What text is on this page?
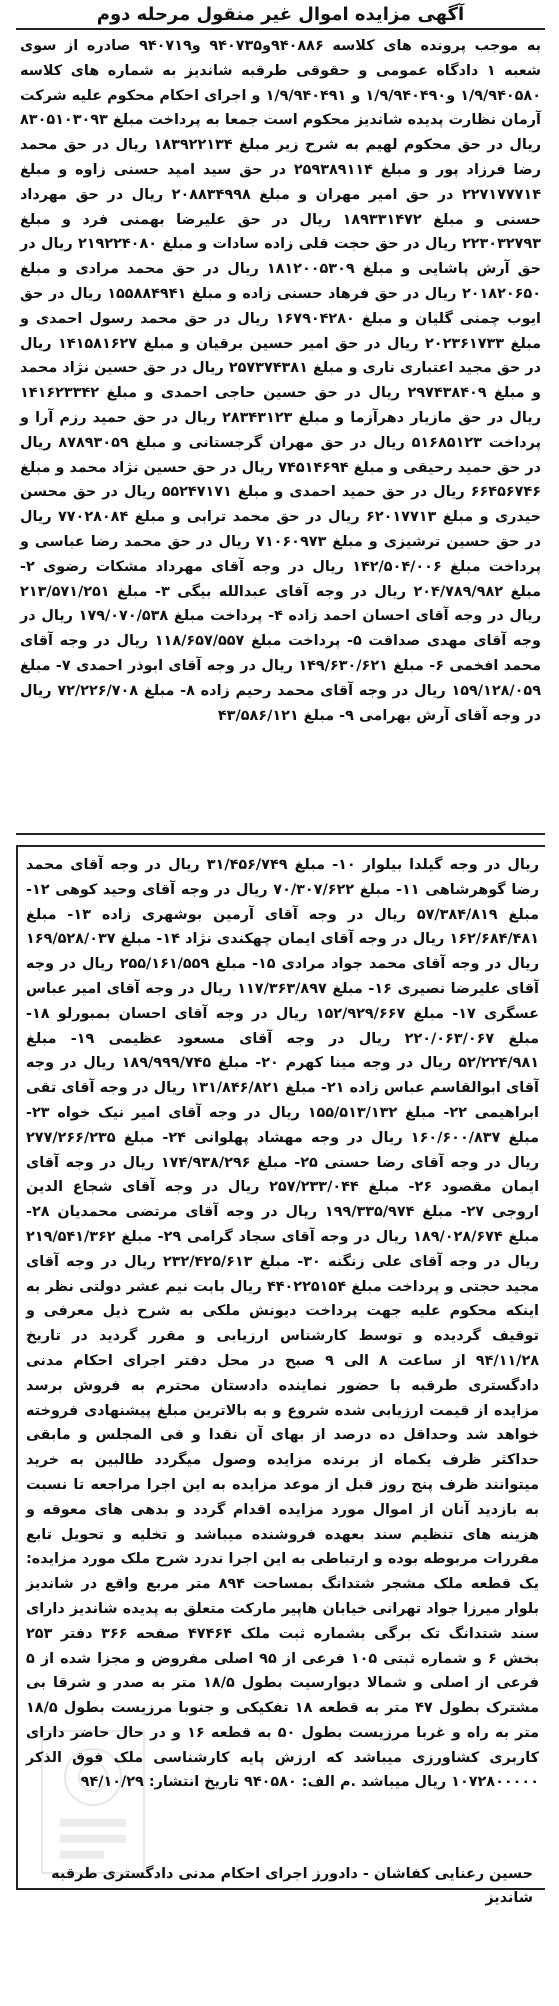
آگهی مزایده اموال غیر منقول مرحله دوم

به موجب پرونده های کلاسه ۹۴۰۸۸۶و۹۴۰۷۳۵ و۹۴۰۷۱۹ صادره از سوی شعبه ۱ دادگاه عمومی و حقوقی طرقبه شاندیز به شماره های کلاسه ۱/۹/۹۴۰۵۸۰ و۱/۹/۹۴۰۴۹۰ و ۱/۹/۹۴۰۴۹۱ و اجرای احکام محکوم علیه شرکت آرمان نظارت پدیده شاندیز محکوم است جمعا به پرداخت مبلغ ۸۳۰۵۱۰۳۰۹۳ ریال در حق محکوم لهیم به شرح زیر مبلغ ۱۸۳۹۲۲۱۳۴ ریال در حق محمد رضا فرزاد پور و مبلغ ۲۵۹۳۸۹۱۱۴ در حق سید امید حسنی زاوه و مبلغ ۲۲۷۱۷۷۷۱۴ در حق امیر مهران و مبلغ ۲۰۸۸۳۴۹۹۸ ریال در حق مهرداد حسنی و مبلغ ۱۸۹۳۳۱۴۷۲ ریال در حق علیرضا بهمنی فرد و مبلغ ۲۲۳۰۳۲۷۹۳ ریال در حق حجت قلی زاده سادات و مبلغ ۲۱۹۲۲۴۰۸۰ ریال در حق آرش پاشایی و مبلغ ۱۸۱۲۰۰۵۳۰۹ ریال در حق محمد مرادی و مبلغ ۲۰۱۸۲۰۶۵۰ ریال در حق فرهاد حسنی زاده و مبلغ ۱۵۵۸۸۴۹۴۱ ریال در حق ایوب چمنی گلیان و مبلغ ۱۶۷۹۰۴۲۸۰ ریال در حق محمد رسول احمدی و مبلغ ۲۰۲۳۶۱۷۳۳ ریال در حق امیر حسین برقیان و مبلغ ۱۴۱۵۸۱۶۲۷ ریال در حق مجید اعتباری ناری و مبلغ ۲۵۷۳۷۴۳۸۱ ریال در حق حسین نژاد محمد و مبلغ ۲۹۷۴۳۸۴۰۹ ریال در حق حسین حاجی احمدی و مبلغ ۱۴۱۶۲۳۳۴۲ ریال در حق مازیار دهرآزما و مبلغ ۲۸۳۴۳۱۲۳ ریال در حق حمید رزم آرا و پرداخت ۵۱۶۸۵۱۲۳ ریال در حق مهران گرجستانی و مبلغ ۸۷۸۹۳۰۵۹ ریال در حق حمید رحیقی و مبلغ ۷۴۵۱۴۶۹۴ ریال در حق حسین نژاد محمد و مبلغ ۶۶۴۵۶۷۴۶ ریال در حق حمید احمدی و مبلغ ۵۵۲۴۷۱۷۱ ریال در حق محسن حیدری و مبلغ ۶۲۰۱۷۷۱۳ ریال در حق محمد ترابی و مبلغ ۷۷۰۲۸۰۸۴ ریال در حق حسین ترشیزی و مبلغ ۷۱۰۶۰۹۷۳ ریال در حق محمد رضا عباسی و پرداخت مبلغ ۱۴۲/۵۰۴/۰۰۶ ریال در وجه آقای مهرداد مشکات رضوی ۲- مبلغ ۲۰۴/۷۸۹/۹۸۲ ریال در وجه آقای عبدالله بیگی ۳- مبلغ ۲۱۳/۵۷۱/۲۵۱ ریال در وجه آقای احسان احمد زاده ۴- پرداخت مبلغ ۱۷۹/۰۷۰/۵۳۸ ریال در وجه آقای مهدی صداقت ۵- پرداخت مبلغ ۱۱۸/۶۵۷/۵۵۷ ریال در وجه آقای محمد افخمی ۶- مبلغ ۱۴۹/۶۳۰/۶۲۱ ریال در وجه آقای ابوذر احمدی ۷- مبلغ ۱۵۹/۱۲۸/۰۵۹ ریال در وجه آقای محمد رحیم زاده ۸- مبلغ ۷۲/۲۲۶/۷۰۸ ریال در وجه آقای آرش بهرامی ۹- مبلغ ۴۳/۵۸۶/۱۲۱

ریال در وجه گیلدا بیلوار ۱۰- مبلغ ۳۱/۴۵۶/۷۴۹ ریال در وجه آقای محمد رضا گوهرشاهی ۱۱- مبلغ ۷۰/۳۰۷/۶۲۲ ریال در وجه آقای وحید کوهی ۱۲- مبلغ ۵۷/۳۸۴/۸۱۹ ریال در وجه آقای آرمین بوشهری زاده ۱۳- مبلغ ۱۶۲/۶۸۴/۴۸۱ ریال در وجه آقای ایمان چهکندی نژاد ۱۴- مبلغ ۱۶۹/۵۲۸/۰۳۷ ریال در وجه آقای محمد جواد مرادی ۱۵- مبلغ ۲۵۵/۱۶۱/۵۵۹ ریال در وجه آقای علیرضا نصیری ۱۶- مبلغ ۱۱۷/۳۶۳/۸۹۷ ریال در وجه آقای امیر عباس عسگری ۱۷- مبلغ ۱۵۲/۹۲۹/۶۶۷ ریال در وجه آقای احسان بمبورلو ۱۸- مبلغ ۲۲۰/۰۶۳/۰۶۷ ریال در وجه آقای مسعود عظیمی ۱۹- مبلغ ۵۲/۲۲۴/۹۸۱ ریال در وجه مینا کهرم ۲۰- مبلغ ۱۸۹/۹۹۹/۷۴۵ ریال در وجه آقای ابوالقاسم عباس زاده ۲۱- مبلغ ۱۳۱/۸۴۶/۸۲۱ ریال در وجه آقای تقی ابراهیمی ۲۲- مبلغ ۱۵۵/۵۱۳/۱۳۲ ریال در وجه آقای امیر نیک خواه ۲۳- مبلغ ۱۶۰/۶۰۰/۸۳۷ ریال در وجه مهشاد پهلوانی ۲۴- مبلغ ۲۷۷/۲۶۶/۲۳۵ ریال در وجه آقای رضا حسنی ۲۵- مبلغ ۱۷۴/۹۳۸/۲۹۶ ریال در وجه آقای ایمان مقصود ۲۶- مبلغ ۲۵۷/۲۳۳/۰۴۴ ریال در وجه آقای شجاع الدین اروجی ۲۷- مبلغ ۱۹۹/۳۳۵/۹۷۴ ریال در وجه آقای مرتضی محمدیان ۲۸- مبلغ ۱۸۹/۰۲۸/۶۷۴ ریال در وجه آقای سجاد گرامی ۲۹- مبلغ ۲۱۹/۵۴۱/۳۶۲ ریال در وجه آقای علی زنگنه ۳۰- مبلغ ۲۳۲/۴۲۵/۶۱۳ ریال در وجه آقای مجید حجتی و پرداخت مبلغ ۴۴۰۲۲۵۱۵۴ ریال بابت نیم عشر دولتی نظر به اینکه محکوم علیه جهت پرداخت دیونش ملکی به شرح ذیل معرفی و توقیف گردیده و توسط کارشناس ارزیابی و مقرر گردید در تاریخ ۹۴/۱۱/۲۸ از ساعت ۸ الی ۹ صبح در محل دفتر اجرای احکام مدنی دادگستری طرقبه با حضور نماینده دادستان محترم به فروش برسد مزایده از قیمت ارزیابی شده شروع و به بالاترین مبلغ پیشنهادی فروخته خواهد شد وحداقل ده درصد از بهای آن نقدا و فی المجلس و مابقی حداکثر ظرف یکماه از برنده مزایده وصول میگردد طالبین به خرید میتوانند ظرف پنج روز قبل از موعد مزایده به این اجرا مراجعه تا نسبت به بازدید آنان از اموال مورد مزایده اقدام گردد و بدهی های معوقه و هزینه های تنظیم سند بعهده فروشنده میباشد و تخلیه و تحویل تابع مقررات مربوطه بوده و ارتباطی به این اجرا ندرد شرح ملک مورد مزایده: یک قطعه ملک مشجر شتدانگ بمساحت ۸۹۴ متر مربع واقع در شاندیز بلوار میرزا جواد تهرانی خیابان هاپیر مارکت متعلق به پدیده شاندیز دارای سند شتدانگ تک برگی بشماره ثبت ملک ۴۷۴۶۴ صفحه ۳۶۶ دفتر ۲۵۳ بخش ۶ و شماره ثبتی ۱۰۵ فرعی از ۹۵ اصلی مفروض و مجزا شده از ۵ فرعی از اصلی و شمالا دیوارسیت بطول ۱۸/۵ متر به صدر و شرقا بی مشترک بطول ۴۷ متر به قطعه ۱۸ تفکیکی و جنوبا مرزیست بطول ۱۸/۵ متر به راه و غربا مرزیست بطول ۵۰ به قطعه ۱۶ و در حال حاضر دارای کاربری کشاورزی میباشد که ارزش پایه کارشناسی ملک فوق الذکر ۱۰۷۲۸۰۰۰۰۰ ریال میباشد .م الف: ۹۴۰۵۸۰ تاریخ انتشار: ۹۴/۱۰/۲۹

حسین رعنایی کفاشان - دادورز اجرای احکام مدنی دادگستری طرقبه شاندیز
